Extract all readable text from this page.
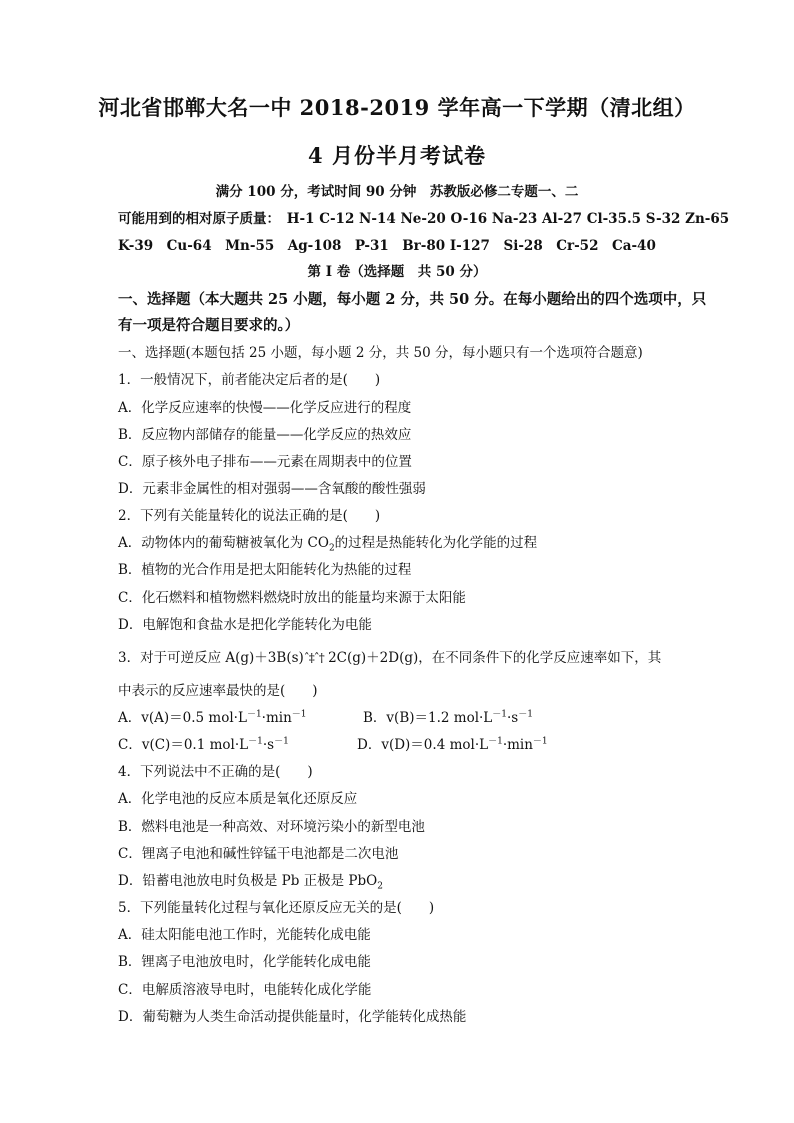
河北省邯郸大名一中 2018-2019 学年高一下学期（清北组）
4 月份半月考试卷
满分 100 分，考试时间 90 分钟　苏教版必修二专题一、二
可能用到的相对原子质量：　H-1 C-12 N-14 Ne-20 O-16 Na-23 Al-27 Cl-35.5 S-32 Zn-65
K-39　Cu-64　Mn-55　Ag-108　P-31　Br-80 I-127　Si-28　Cr-52　Ca-40
第 I 卷（选择题　共 50 分）
一、选择题（本大题共 25 小题，每小题 2 分，共 50 分。在每小题给出的四个选项中，只
有一项是符合题目要求的。）
一、选择题(本题包括 25 小题，每小题 2 分，共 50 分，每小题只有一个选项符合题意)
1．一般情况下，前者能决定后者的是(　　)
A．化学反应速率的快慢——化学反应进行的程度
B．反应物内部储存的能量——化学反应的热效应
C．原子核外电子排布——元素在周期表中的位置
D．元素非金属性的相对强弱——含氧酸的酸性强弱
2．下列有关能量转化的说法正确的是(　　)
A．动物体内的葡萄糖被氧化为 $CO_2$的过程是热能转化为化学能的过程
B．植物的光合作用是把太阳能转化为热能的过程
C．化石燃料和植物燃料燃烧时放出的能量均来源于太阳能
D．电解饱和食盐水是把化学能转化为电能
3．对于可逆反应 A(g)＋3B(s)ˆ‡ˆ† 2C(g)＋2D(g)，在不同条件下的化学反应速率如下，其
中表示的反应速率最快的是(　　)
A．v(A)＝0.5 $mol\cdot L^{-1}\cdot\min^{-1}$	B．v(B)＝1.2 $mol\cdot L^{-1}\cdot s^{-1}$
C．v(C)＝0.1 $mol\cdot L^{-1}\cdot s^{-1}$	D．v(D)＝0.4 $mol\cdot L^{-1}\cdot\min^{-1}$
4．下列说法中不正确的是(　　)
A．化学电池的反应本质是氧化还原反应
B．燃料电池是一种高效、对环境污染小的新型电池
C．锂离子电池和碱性锌锰干电池都是二次电池
D．铅蓄电池放电时负极是 Pb 正极是 PbO$_2$
5．下列能量转化过程与氧化还原反应无关的是(　　)
A．硅太阳能电池工作时，光能转化成电能
B．锂离子电池放电时，化学能转化成电能
C．电解质溶液导电时，电能转化成化学能
D．葡萄糖为人类生命活动提供能量时，化学能转化成热能
